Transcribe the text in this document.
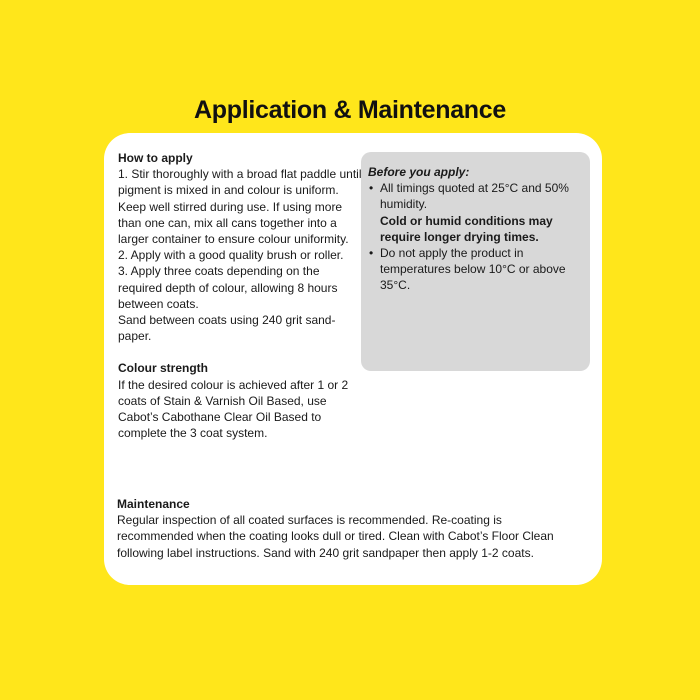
Application & Maintenance
How to apply

1. Stir thoroughly with a broad flat paddle until pigment is mixed in and colour is uniform. Keep well stirred during use. If using more than one can, mix all cans together into a larger container to ensure colour uniformity.

2. Apply with a good quality brush or roller.

3. Apply three coats depending on the required depth of colour, allowing 8 hours between coats.

Sand between coats using 240 grit sand-paper.

Colour strength

If the desired colour is achieved after 1 or 2 coats of Stain & Varnish Oil Based, use Cabot’s Cabothane Clear Oil Based to complete the 3 coat system.

Before you apply:
• All timings quoted at 25°C and 50% humidity.
Cold or humid conditions may require longer drying times.
• Do not apply the product in temperatures below 10°C or above 35°C.
Maintenance

Regular inspection of all coated surfaces is recommended. Re-coating is recommended when the coating looks dull or tired. Clean with Cabot’s Floor Clean following label instructions. Sand with 240 grit sandpaper then apply 1-2 coats.
